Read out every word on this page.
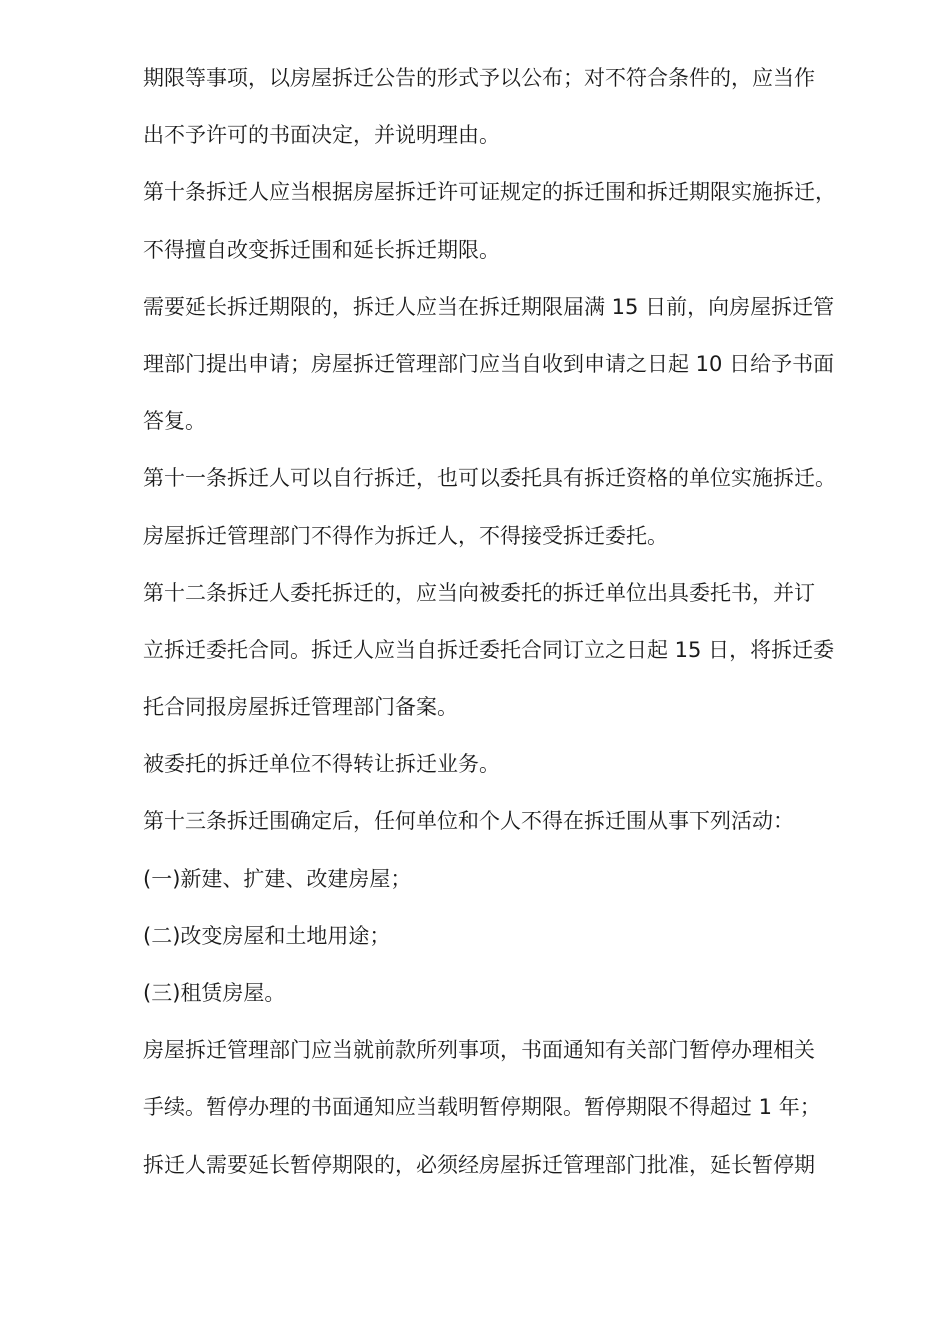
期限等事项，以房屋拆迁公告的形式予以公布；对不符合条件的，应当作
出不予许可的书面决定，并说明理由。
第十条拆迁人应当根据房屋拆迁许可证规定的拆迁围和拆迁期限实施拆迁，
不得擅自改变拆迁围和延长拆迁期限。
需要延长拆迁期限的，拆迁人应当在拆迁期限届满 15 日前，向房屋拆迁管
理部门提出申请；房屋拆迁管理部门应当自收到申请之日起 10 日给予书面
答复。
第十一条拆迁人可以自行拆迁，也可以委托具有拆迁资格的单位实施拆迁。
房屋拆迁管理部门不得作为拆迁人，不得接受拆迁委托。
第十二条拆迁人委托拆迁的，应当向被委托的拆迁单位出具委托书，并订
立拆迁委托合同。拆迁人应当自拆迁委托合同订立之日起 15 日，将拆迁委
托合同报房屋拆迁管理部门备案。
被委托的拆迁单位不得转让拆迁业务。
第十三条拆迁围确定后，任何单位和个人不得在拆迁围从事下列活动：
(一)新建、扩建、改建房屋；
(二)改变房屋和土地用途；
(三)租赁房屋。
房屋拆迁管理部门应当就前款所列事项，书面通知有关部门暂停办理相关
手续。暂停办理的书面通知应当载明暂停期限。暂停期限不得超过 1 年；
拆迁人需要延长暂停期限的，必须经房屋拆迁管理部门批准，延长暂停期
